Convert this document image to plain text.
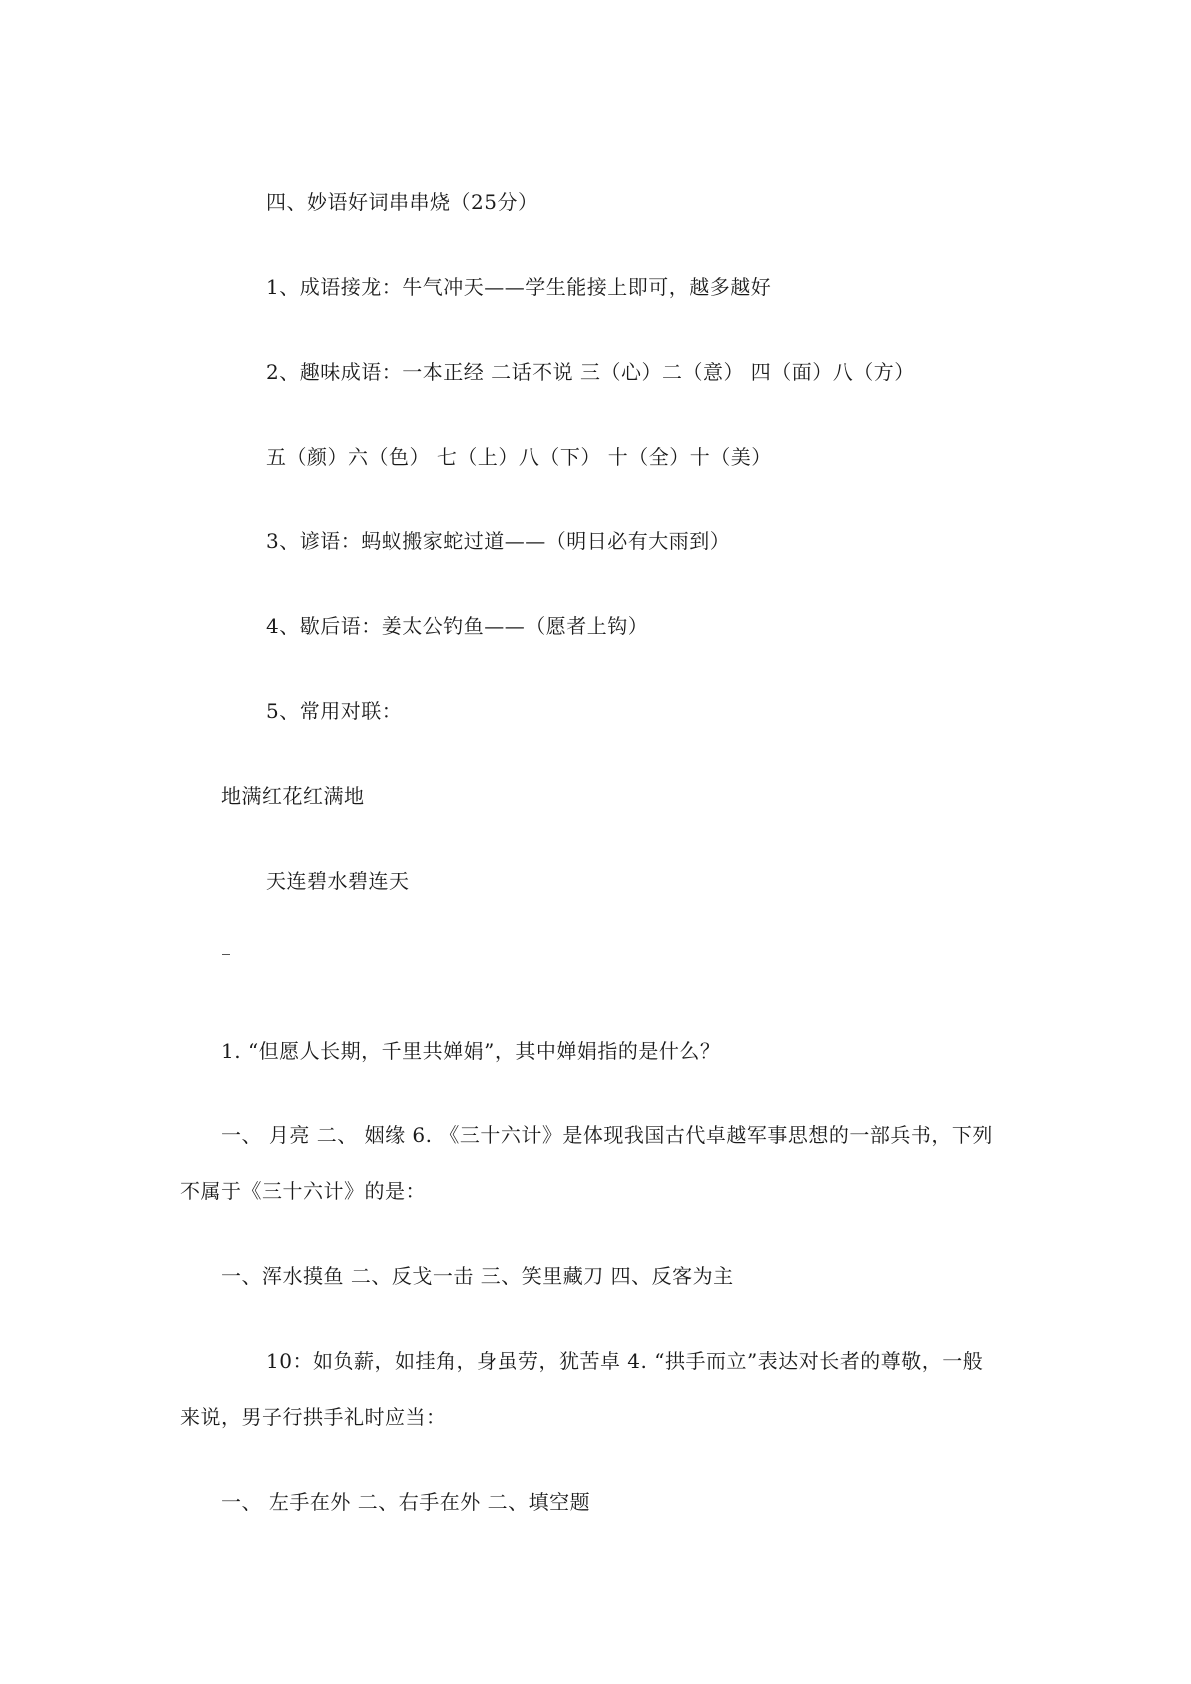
四、妙语好词串串烧（25分）
1、成语接龙：牛气冲天——学生能接上即可，越多越好
2、趣味成语：一本正经 二话不说 三（心）二（意） 四（面）八（方）
五（颜）六（色） 七（上）八（下） 十（全）十（美）
3、谚语：蚂蚁搬家蛇过道——（明日必有大雨到）
4、歇后语：姜太公钓鱼——（愿者上钩）
5、常用对联：
地满红花红满地
天连碧水碧连天
1. “但愿人长期，千里共婵娟”，其中婵娟指的是什么？
一、 月亮 二、 姻缘 6. 《三十六计》是体现我国古代卓越军事思想的一部兵书，下列
不属于《三十六计》的是：
一、浑水摸鱼 二、反戈一击 三、笑里藏刀 四、反客为主
10：如负薪，如挂角，身虽劳，犹苦卓 4. “拱手而立”表达对长者的尊敬，一般
来说，男子行拱手礼时应当：
一、 左手在外 二、右手在外 二、填空题
